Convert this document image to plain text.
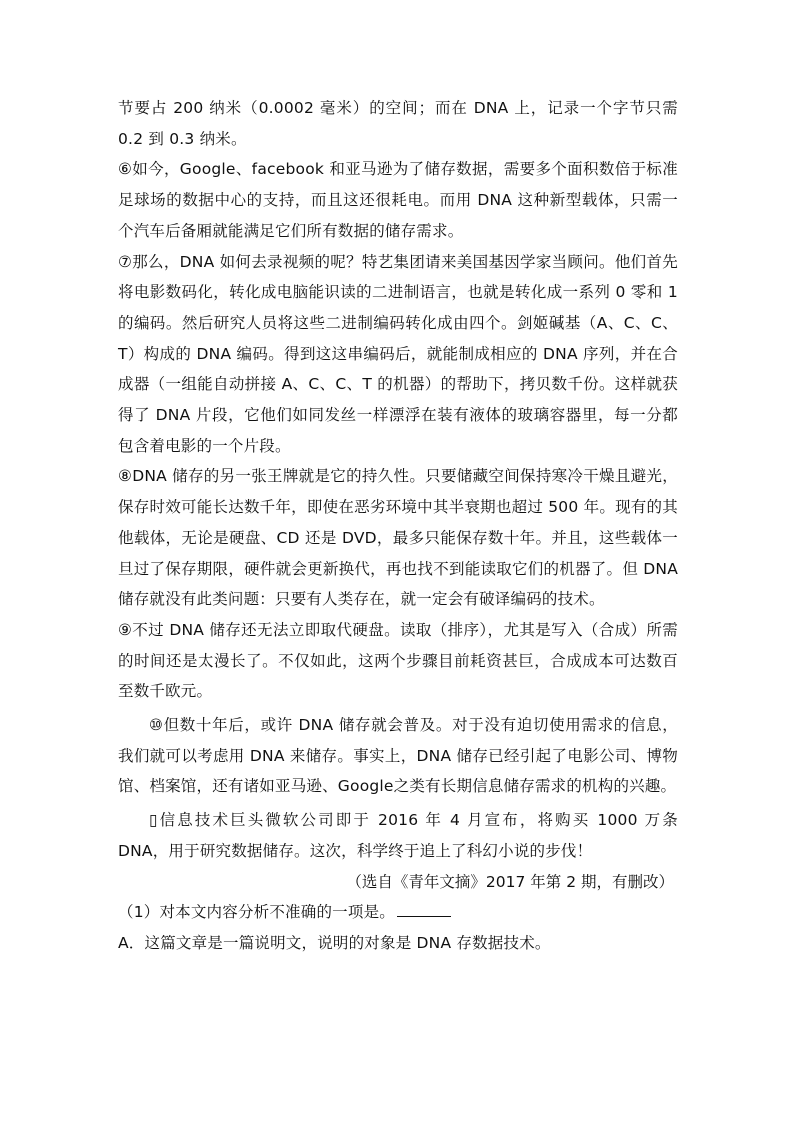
节要占 200 纳米（0.0002 毫米）的空间；而在 DNA 上，记录一个字节只需 0.2 到 0.3 纳米。

⑥如今，Google、facebook 和亚马逊为了储存数据，需要多个面积数倍于标准足球场的数据中心的支持，而且这还很耗电。而用 DNA 这种新型载体，只需一个汽车后备厢就能满足它们所有数据的储存需求。

⑦那么，DNA 如何去录视频的呢？特艺集团请来美国基因学家当顾问。他们首先将电影数码化，转化成电脑能识读的二进制语言，也就是转化成一系列 0 零和 1 的编码。然后研究人员将这些二进制编码转化成由四个。剑姬碱基（A、C、C、T）构成的 DNA 编码。得到这这串编码后，就能制成相应的 DNA 序列，并在合成器（一组能自动拼接 A、C、C、T 的机器）的帮助下，拷贝数千份。这样就获得了 DNA 片段，它他们如同发丝一样漂浮在装有液体的玻璃容器里，每一分都包含着电影的一个片段。

⑧DNA 储存的另一张王牌就是它的持久性。只要储藏空间保持寒冷干燥且避光，保存时效可能长达数千年，即使在恶劣环境中其半衰期也超过 500 年。现有的其他载体，无论是硬盘、CD 还是 DVD，最多只能保存数十年。并且，这些载体一旦过了保存期限，硬件就会更新换代，再也找不到能读取它们的机器了。但 DNA 储存就没有此类问题：只要有人类存在，就一定会有破译编码的技术。

⑨不过 DNA 储存还无法立即取代硬盘。读取（排序），尤其是写入（合成）所需的时间还是太漫长了。不仅如此，这两个步骤目前耗资甚巨，合成成本可达数百至数千欧元。

⑩但数十年后，或许 DNA 储存就会普及。对于没有迫切使用需求的信息，我们就可以考虑用 DNA 来储存。事实上，DNA 储存已经引起了电影公司、博物馆、档案馆，还有诸如亚马逊、Google之类有长期信息储存需求的机构的兴趣。

▯信息技术巨头微软公司即于 2016 年 4 月宣布，将购买 1000 万条 DNA，用于研究数据储存。这次，科学终于追上了科幻小说的步伐！

（选自《青年文摘》2017 年第 2 期，有删改）

（1）对本文内容分析不准确的一项是。

A．这篇文章是一篇说明文，说明的对象是 DNA 存数据技术。
